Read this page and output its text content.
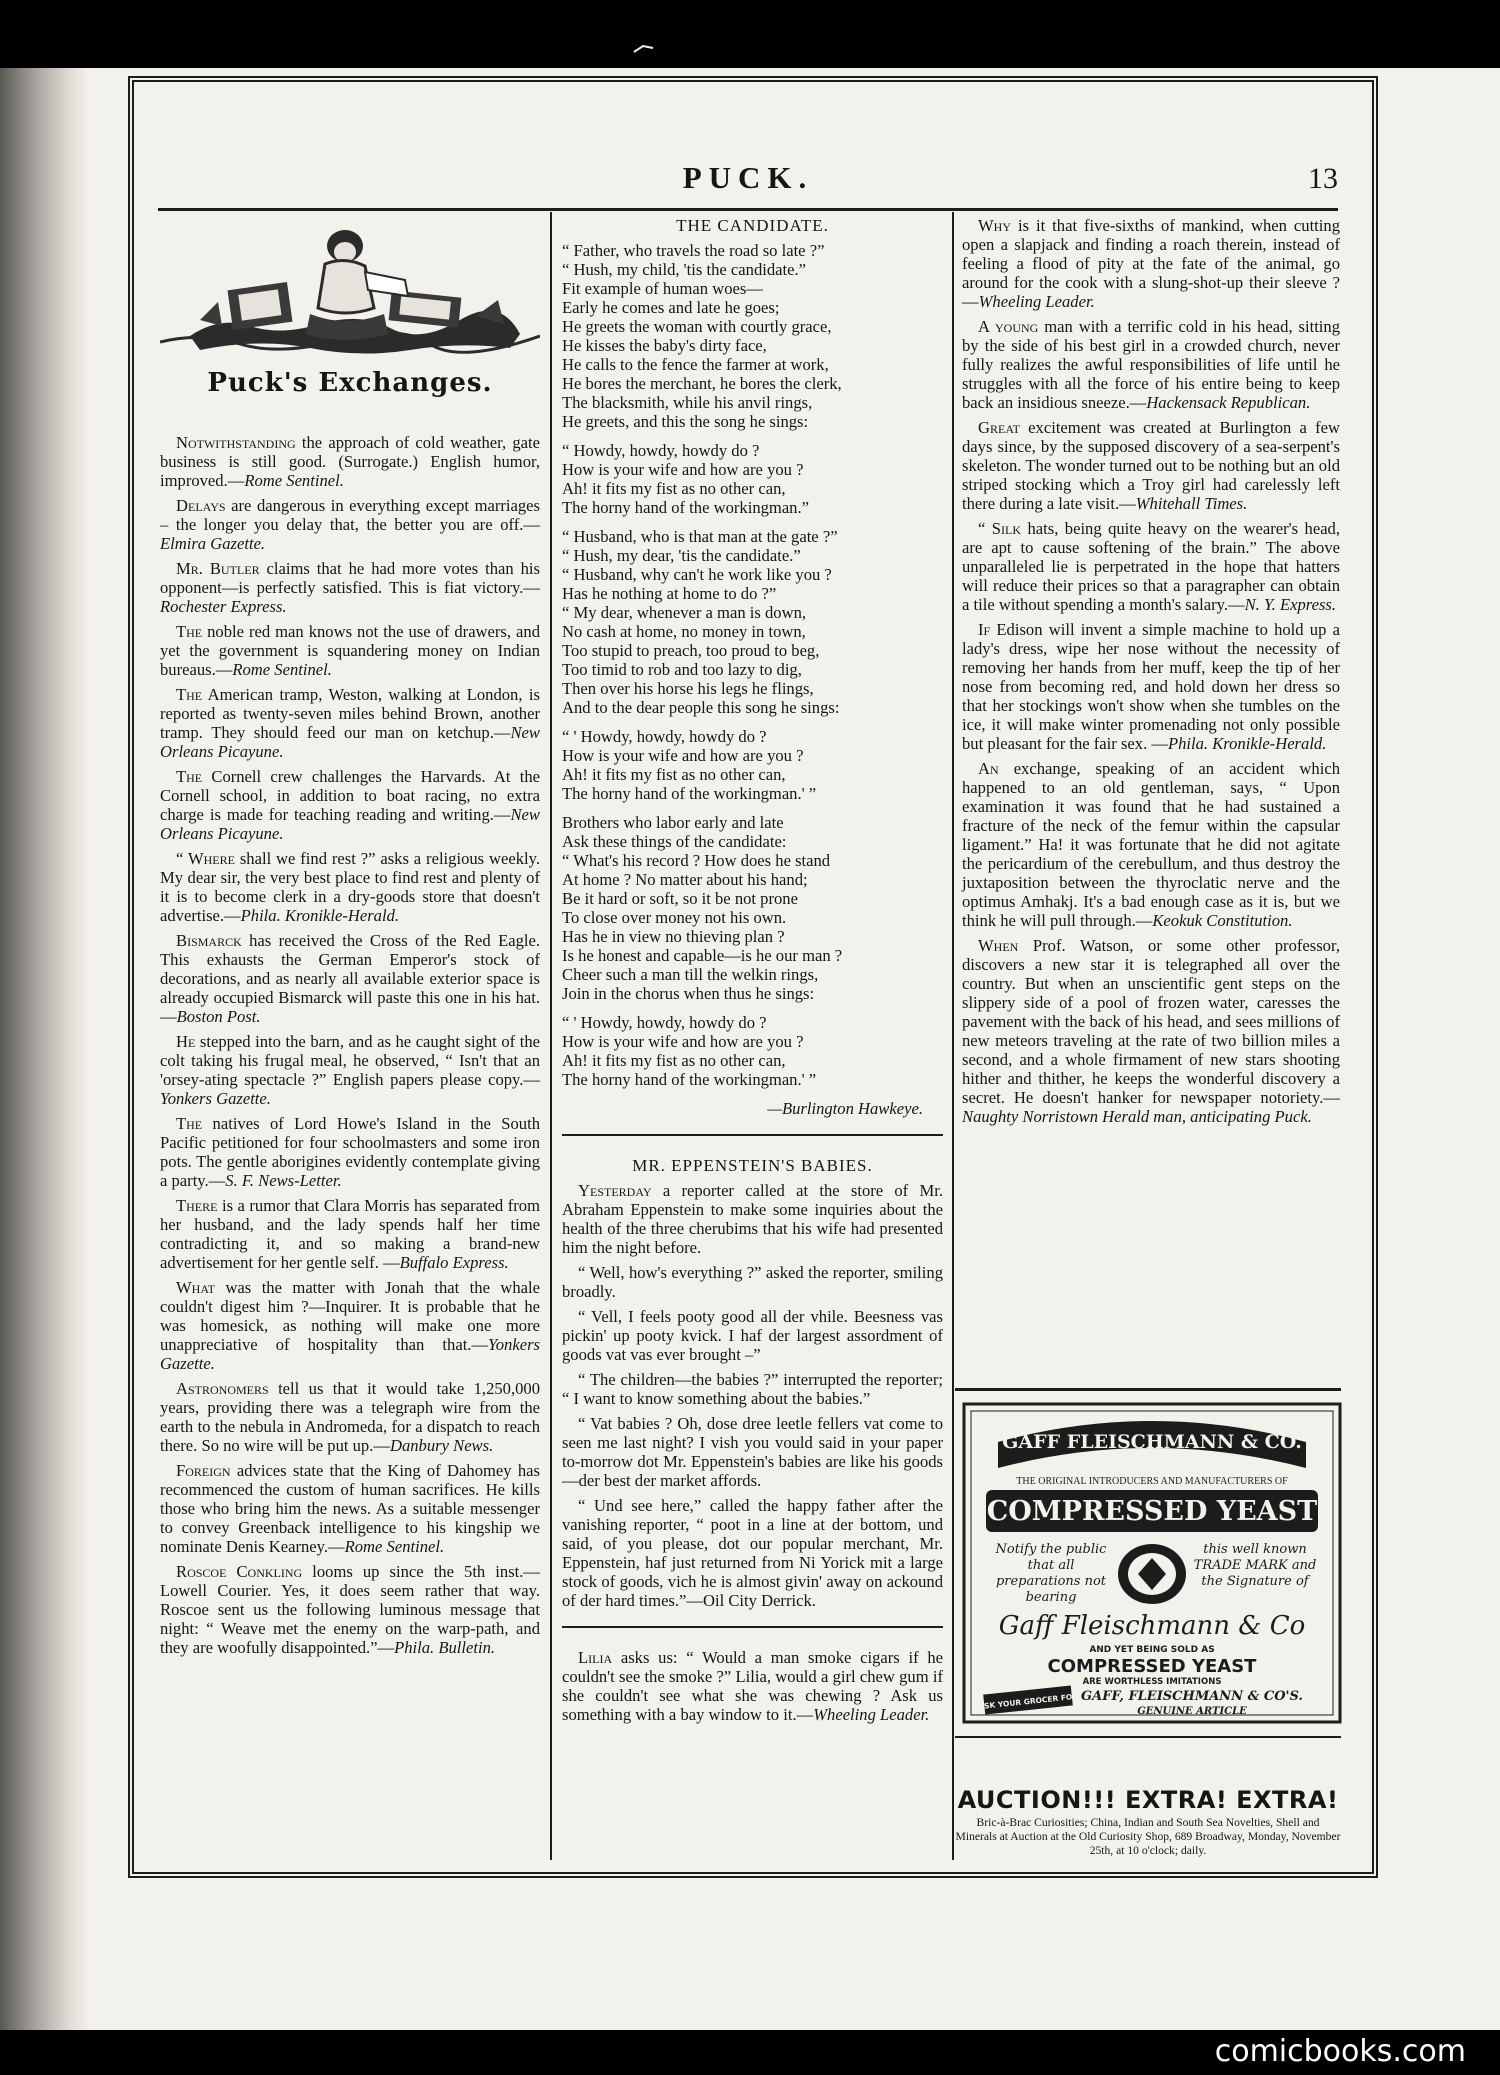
PUCK.	13
Puck's Exchanges.

Notwithstanding the approach of cold weather, gate business is still good. (Surrogate.) English humor, improved.—Rome Sentinel.

Delays are dangerous in everything except marriages – the longer you delay that, the better you are off.—Elmira Gazette.

Mr. Butler claims that he had more votes than his opponent—is perfectly satisfied. This is fiat victory.—Rochester Express.

The noble red man knows not the use of drawers, and yet the government is squandering money on Indian bureaus.—Rome Sentinel.

The American tramp, Weston, walking at London, is reported as twenty-seven miles behind Brown, another tramp. They should feed our man on ketchup.—New Orleans Picayune.

The Cornell crew challenges the Harvards. At the Cornell school, in addition to boat racing, no extra charge is made for teaching reading and writing.—New Orleans Picayune.

“ Where shall we find rest ?” asks a religious weekly. My dear sir, the very best place to find rest and plenty of it is to become clerk in a dry-goods store that doesn't advertise.—Phila. Kronikle-Herald.

Bismarck has received the Cross of the Red Eagle. This exhausts the German Emperor's stock of decorations, and as nearly all available exterior space is already occupied Bismarck will paste this one in his hat.—Boston Post.

He stepped into the barn, and as he caught sight of the colt taking his frugal meal, he observed, “ Isn't that an 'orsey-ating spectacle ?” English papers please copy.—Yonkers Gazette.

The natives of Lord Howe's Island in the South Pacific petitioned for four schoolmasters and some iron pots. The gentle aborigines evidently contemplate giving a party.—S. F. News-Letter.

There is a rumor that Clara Morris has separated from her husband, and the lady spends half her time contradicting it, and so making a brand-new advertisement for her gentle self. —Buffalo Express.

What was the matter with Jonah that the whale couldn't digest him ?—Inquirer. It is probable that he was homesick, as nothing will make one more unappreciative of hospitality than that.—Yonkers Gazette.

Astronomers tell us that it would take 1,250,000 years, providing there was a telegraph wire from the earth to the nebula in Andromeda, for a dispatch to reach there. So no wire will be put up.—Danbury News.

Foreign advices state that the King of Dahomey has recommenced the custom of human sacrifices. He kills those who bring him the news. As a suitable messenger to convey Greenback intelligence to his kingship we nominate Denis Kearney.—Rome Sentinel.

Roscoe Conkling looms up since the 5th inst.—Lowell Courier. Yes, it does seem rather that way. Roscoe sent us the following luminous message that night: “ Weave met the enemy on the warp-path, and they are woofully disappointed.”—Phila. Bulletin.

THE CANDIDATE.
“ Father, who travels the road so late ?”
“ Hush, my child, 'tis the candidate.”
Fit example of human woes—
Early he comes and late he goes;
He greets the woman with courtly grace,
He kisses the baby's dirty face,
He calls to the fence the farmer at work,
He bores the merchant, he bores the clerk,
The blacksmith, while his anvil rings,
He greets, and this the song he sings:
“ Howdy, howdy, howdy do ?
How is your wife and how are you ?
Ah! it fits my fist as no other can,
The horny hand of the workingman.”
“ Husband, who is that man at the gate ?”
“ Hush, my dear, 'tis the candidate.”
“ Husband, why can't he work like you ?
Has he nothing at home to do ?”
“ My dear, whenever a man is down,
No cash at home, no money in town,
Too stupid to preach, too proud to beg,
Too timid to rob and too lazy to dig,
Then over his horse his legs he flings,
And to the dear people this song he sings:
“ ' Howdy, howdy, howdy do ?
How is your wife and how are you ?
Ah! it fits my fist as no other can,
The horny hand of the workingman.' ”
Brothers who labor early and late
Ask these things of the candidate:
“ What's his record ? How does he stand
At home ? No matter about his hand;
Be it hard or soft, so it be not prone
To close over money not his own.
Has he in view no thieving plan ?
Is he honest and capable—is he our man ?
Cheer such a man till the welkin rings,
Join in the chorus when thus he sings:
“ ' Howdy, howdy, howdy do ?
How is your wife and how are you ?
Ah! it fits my fist as no other can,
The horny hand of the workingman.' ”
—Burlington Hawkeye.
MR. EPPENSTEIN'S BABIES.

Yesterday a reporter called at the store of Mr. Abraham Eppenstein to make some inquiries about the health of the three cherubims that his wife had presented him the night before.

“ Well, how's everything ?” asked the reporter, smiling broadly.

“ Vell, I feels pooty good all der vhile. Beesness vas pickin' up pooty kvick. I haf der largest assordment of goods vat vas ever brought –”

“ The children—the babies ?” interrupted the reporter; “ I want to know something about the babies.”

“ Vat babies ? Oh, dose dree leetle fellers vat come to seen me last night? I vish you vould said in your paper to-morrow dot Mr. Eppenstein's babies are like his goods—der best der market affords.

“ Und see here,” called the happy father after the vanishing reporter, “ poot in a line at der bottom, und said, of you please, dot our popular merchant, Mr. Eppenstein, haf just returned from Ni Yorick mit a large stock of goods, vich he is almost givin' away on ackound of der hard times.”—Oil City Derrick.

Lilia asks us: “ Would a man smoke cigars if he couldn't see the smoke ?” Lilia, would a girl chew gum if she couldn't see what she was chewing ? Ask us something with a bay window to it.—Wheeling Leader.

Why is it that five-sixths of mankind, when cutting open a slapjack and finding a roach therein, instead of feeling a flood of pity at the fate of the animal, go around for the cook with a slung-shot-up their sleeve ?—Wheeling Leader.

A young man with a terrific cold in his head, sitting by the side of his best girl in a crowded church, never fully realizes the awful responsibilities of life until he struggles with all the force of his entire being to keep back an insidious sneeze.—Hackensack Republican.

Great excitement was created at Burlington a few days since, by the supposed discovery of a sea-serpent's skeleton. The wonder turned out to be nothing but an old striped stocking which a Troy girl had carelessly left there during a late visit.—Whitehall Times.

“ Silk hats, being quite heavy on the wearer's head, are apt to cause softening of the brain.” The above unparalleled lie is perpetrated in the hope that hatters will reduce their prices so that a paragrapher can obtain a tile without spending a month's salary.—N. Y. Express.

If Edison will invent a simple machine to hold up a lady's dress, wipe her nose without the necessity of removing her hands from her muff, keep the tip of her nose from becoming red, and hold down her dress so that her stockings won't show when she tumbles on the ice, it will make winter promenading not only possible but pleasant for the fair sex. —Phila. Kronikle-Herald.

An exchange, speaking of an accident which happened to an old gentleman, says, “ Upon examination it was found that he had sustained a fracture of the neck of the femur within the capsular ligament.” Ha! it was fortunate that he did not agitate the pericardium of the cerebullum, and thus destroy the juxtaposition between the thyroclatic nerve and the optimus Amhakj. It's a bad enough case as it is, but we think he will pull through.—Keokuk Constitution.

When Prof. Watson, or some other professor, discovers a new star it is telegraphed all over the country. But when an unscientific gent steps on the slippery side of a pool of frozen water, caresses the pavement with the back of his head, and sees millions of new meteors traveling at the rate of two billion miles a second, and a whole firmament of new stars shooting hither and thither, he keeps the wonderful discovery a secret. He doesn't hanker for newspaper notoriety.—Naughty Norristown Herald man, anticipating Puck.

GAFF FLEISCHMANN & CO.
THE ORIGINAL INTRODUCERS AND MANUFACTURERS OF
COMPRESSED YEAST
Notify the public that all preparations not bearing
this well known TRADE MARK and the Signature of
Gaff Fleischmann & Co
AND YET BEING SOLD AS
COMPRESSED YEAST
ARE WORTHLESS IMITATIONS
ASK YOUR GROCER FOR GAFF, FLEISCHMANN & CO'S.
GENUINE ARTICLE
AUCTION!!! EXTRA! EXTRA!
Bric-à-Brac Curiosities; China, Indian and South Sea Novelties, Shell and Minerals at Auction at the Old Curiosity Shop, 689 Broadway, Monday, November 25th, at 10 o'clock; daily.
comicbooks.com
